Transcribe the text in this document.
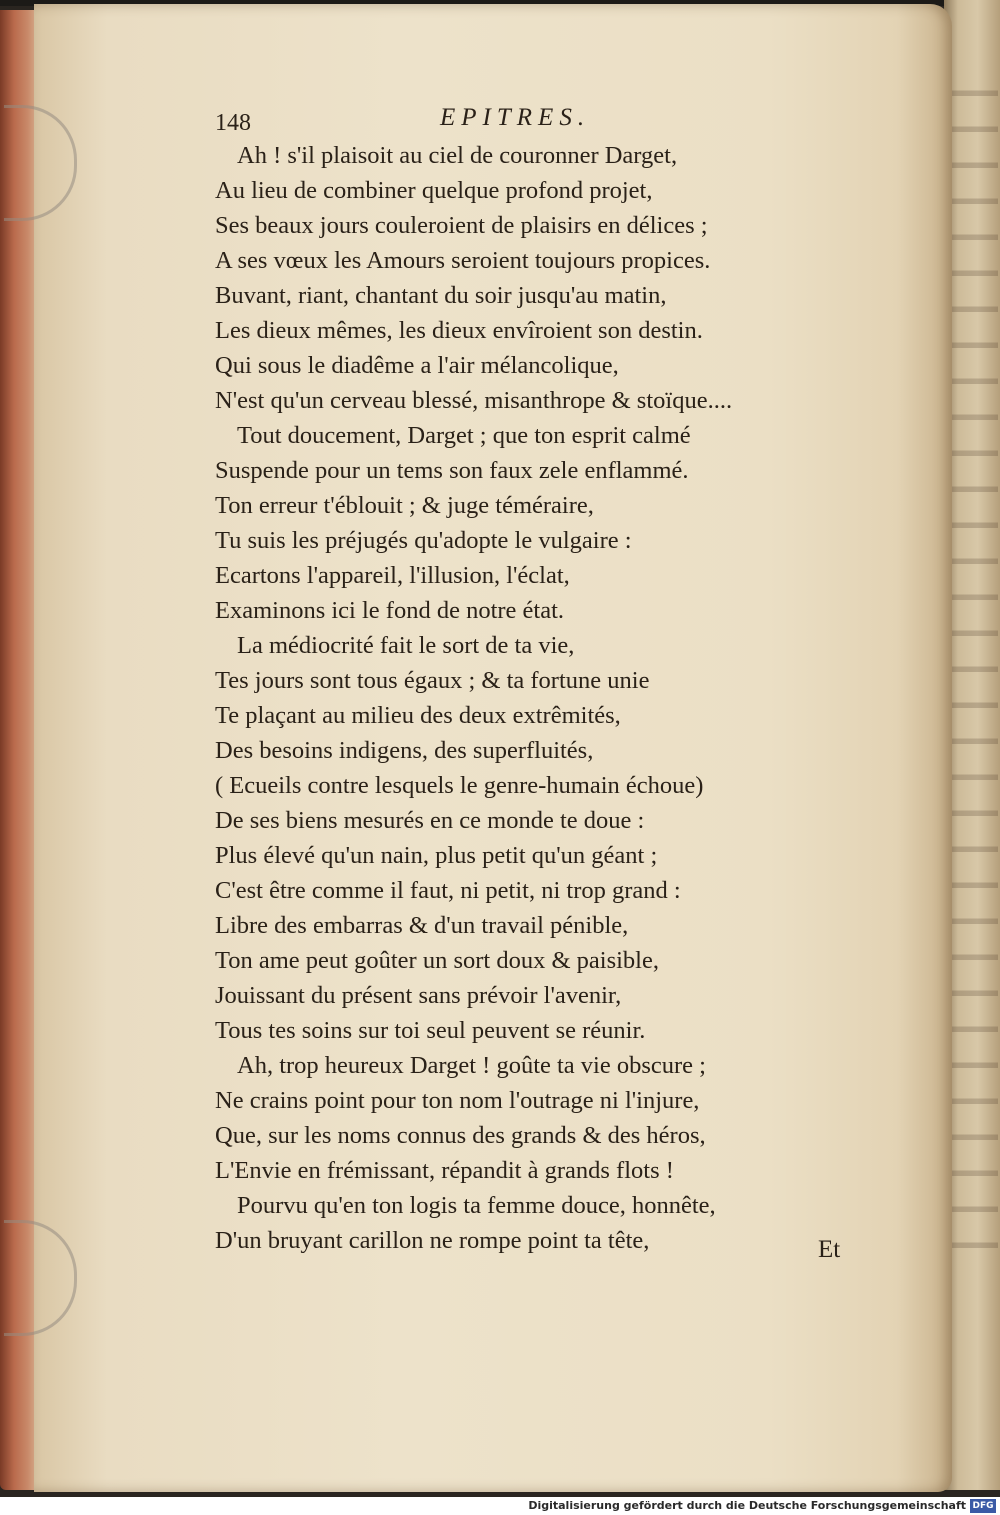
148	EPITRES.
Ah ! s'il plaisoit au ciel de couronner Darget,
Au lieu de combiner quelque profond projet,
Ses beaux jours couleroient de plaisirs en délices ;
A ses vœux les Amours seroient toujours propices.
Buvant, riant, chantant du soir jusqu'au matin,
Les dieux mêmes, les dieux envîroient son destin.
Qui sous le diadême a l'air mélancolique,
N'est qu'un cerveau blessé, misanthrope & stoïque....
Tout doucement, Darget ; que ton esprit calmé
Suspende pour un tems son faux zele enflammé.
Ton erreur t'éblouit ; & juge téméraire,
Tu suis les préjugés qu'adopte le vulgaire :
Ecartons l'appareil, l'illusion, l'éclat,
Examinons ici le fond de notre état.
La médiocrité fait le sort de ta vie,
Tes jours sont tous égaux ; & ta fortune unie
Te plaçant au milieu des deux extrêmités,
Des besoins indigens, des superfluités,
( Ecueils contre lesquels le genre-humain échoue)
De ses biens mesurés en ce monde te doue :
Plus élevé qu'un nain, plus petit qu'un géant ;
C'est être comme il faut, ni petit, ni trop grand :
Libre des embarras & d'un travail pénible,
Ton ame peut goûter un sort doux & paisible,
Jouissant du présent sans prévoir l'avenir,
Tous tes soins sur toi seul peuvent se réunir.
Ah, trop heureux Darget ! goûte ta vie obscure ;
Ne crains point pour ton nom l'outrage ni l'injure,
Que, sur les noms connus des grands & des héros,
L'Envie en frémissant, répandit à grands flots !
Pourvu qu'en ton logis ta femme douce, honnête,
D'un bruyant carillon ne rompe point ta tête,	Et
Digitalisierung gefördert durch die Deutsche Forschungsgemeinschaft DFG
